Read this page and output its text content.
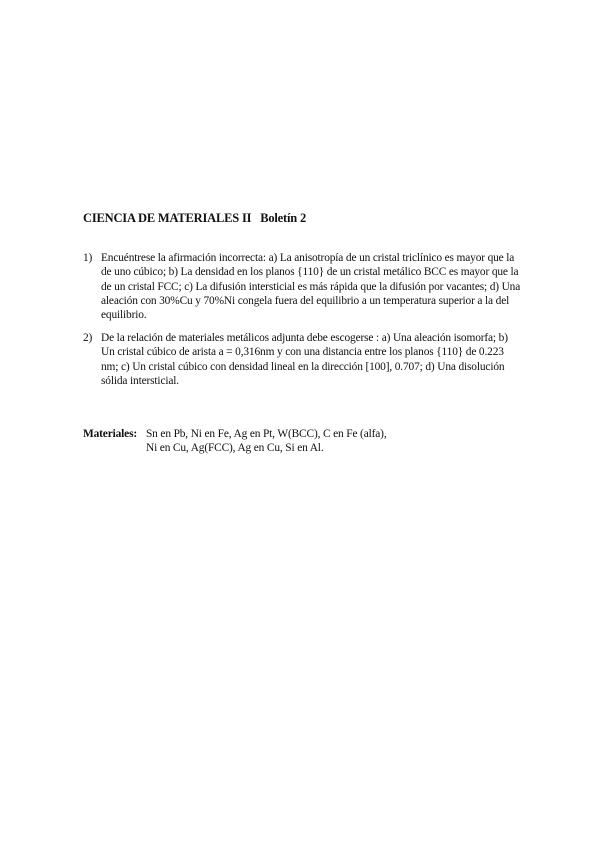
CIENCIA DE MATERIALES II Boletín 2
1) Encuéntrese la afirmación incorrecta: a) La anisotropía de un cristal triclínico es mayor que la de uno cúbico; b) La densidad en los planos {110} de un cristal metálico BCC es mayor que la de un cristal FCC; c) La difusión intersticial es más rápida que la difusión por vacantes; d) Una aleación con 30%Cu y 70%Ni congela fuera del equilibrio a un temperatura superior a la del equilibrio.
2) De la relación de materiales metálicos adjunta debe escogerse : a) Una aleación isomorfa; b) Un cristal cúbico de arista a = 0,316nm y con una distancia entre los planos {110} de 0.223 nm; c) Un cristal cúbico con densidad lineal en la dirección [100], 0.707; d) Una disolución sólida intersticial.
Materiales: Sn en Pb, Ni en Fe, Ag en Pt, W(BCC), C en Fe (alfa),
Ni en Cu, Ag(FCC), Ag en Cu, Si en Al.
